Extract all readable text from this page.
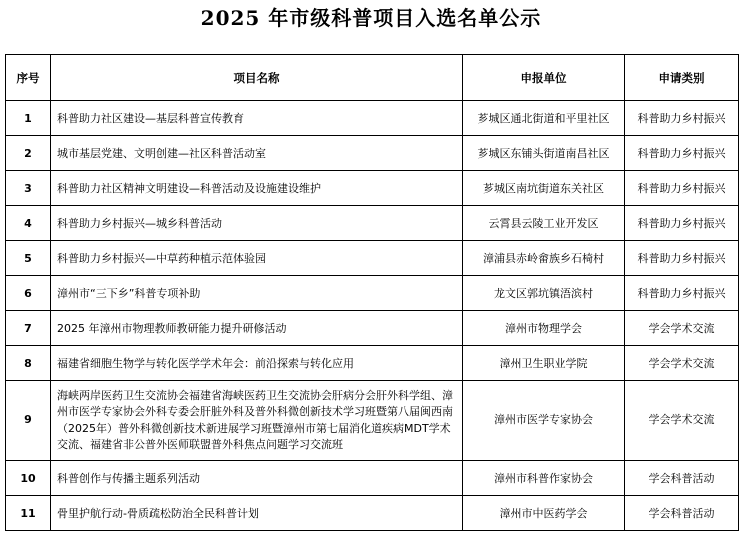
2025 年市级科普项目入选名单公示
序号	项目名称	申报单位	申请类别
1	科普助力社区建设—基层科普宣传教育	芗城区通北街道和平里社区	科普助力乡村振兴
2	城市基层党建、文明创建—社区科普活动室	芗城区东铺头街道南昌社区	科普助力乡村振兴
3	科普助力社区精神文明建设—科普活动及设施建设维护	芗城区南坑街道东关社区	科普助力乡村振兴
4	科普助力乡村振兴—城乡科普活动	云霄县云陵工业开发区	科普助力乡村振兴
5	科普助力乡村振兴—中草药种植示范体验园	漳浦县赤岭畲族乡石椅村	科普助力乡村振兴
6	漳州市“三下乡”科普专项补助	龙文区郭坑镇浯滨村	科普助力乡村振兴
7	2025 年漳州市物理教师教研能力提升研修活动	漳州市物理学会	学会学术交流
8	福建省细胞生物学与转化医学学术年会：前沿探索与转化应用	漳州卫生职业学院	学会学术交流
9	海峡两岸医药卫生交流协会福建省海峡医药卫生交流协会肝病分会肝外科学组、漳州市医学专家协会外科专委会肝脏外科及普外科微创新技术学习班暨第八届闽西南（2025年）普外科微创新技术新进展学习班暨漳州市第七届消化道疾病MDT学术交流、福建省非公普外医师联盟普外科焦点问题学习交流班	漳州市医学专家协会	学会学术交流
10	科普创作与传播主题系列活动	漳州市科普作家协会	学会科普活动
11	骨里护航行动-骨质疏松防治全民科普计划	漳州市中医药学会	学会科普活动
